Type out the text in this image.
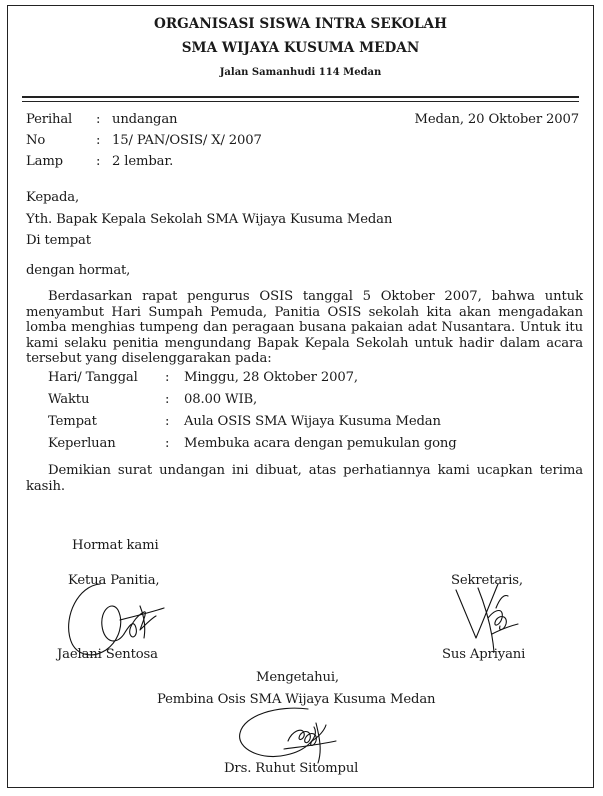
ORGANISASI SISWA INTRA SEKOLAH
SMA WIJAYA KUSUMA MEDAN
Jalan Samanhudi 114 Medan
Perihal : undangan	Medan, 20 Oktober 2007
No	: 15/ PAN/OSIS/ X/ 2007
Lamp	: 2 lembar.
Kepada,
Yth. Bapak Kepala Sekolah SMA Wijaya Kusuma Medan
Di tempat
dengan hormat,
Berdasarkan rapat pengurus OSIS tanggal 5 Oktober 2007, bahwa untuk menyambut Hari Sumpah Pemuda, Panitia OSIS sekolah kita akan mengadakan lomba menghias tumpeng dan peragaan busana pakaian adat Nusantara. Untuk itu kami selaku penitia mengundang Bapak Kepala Sekolah untuk hadir dalam acara tersebut yang diselenggarakan pada:
Hari/ Tanggal : Minggu, 28 Oktober 2007,
Waktu	: 08.00 WIB,
Tempat	: Aula OSIS SMA Wijaya Kusuma Medan
Keperluan	: Membuka acara dengan pemukulan gong
Demikian surat undangan ini dibuat, atas perhatiannya kami ucapkan terima kasih.
Hormat kami
Ketua Panitia,
Jaelani Sentosa
Sekretaris,
Sus Apriyani
Mengetahui,
Pembina Osis SMA Wijaya Kusuma Medan
Drs. Ruhut Sitompul
